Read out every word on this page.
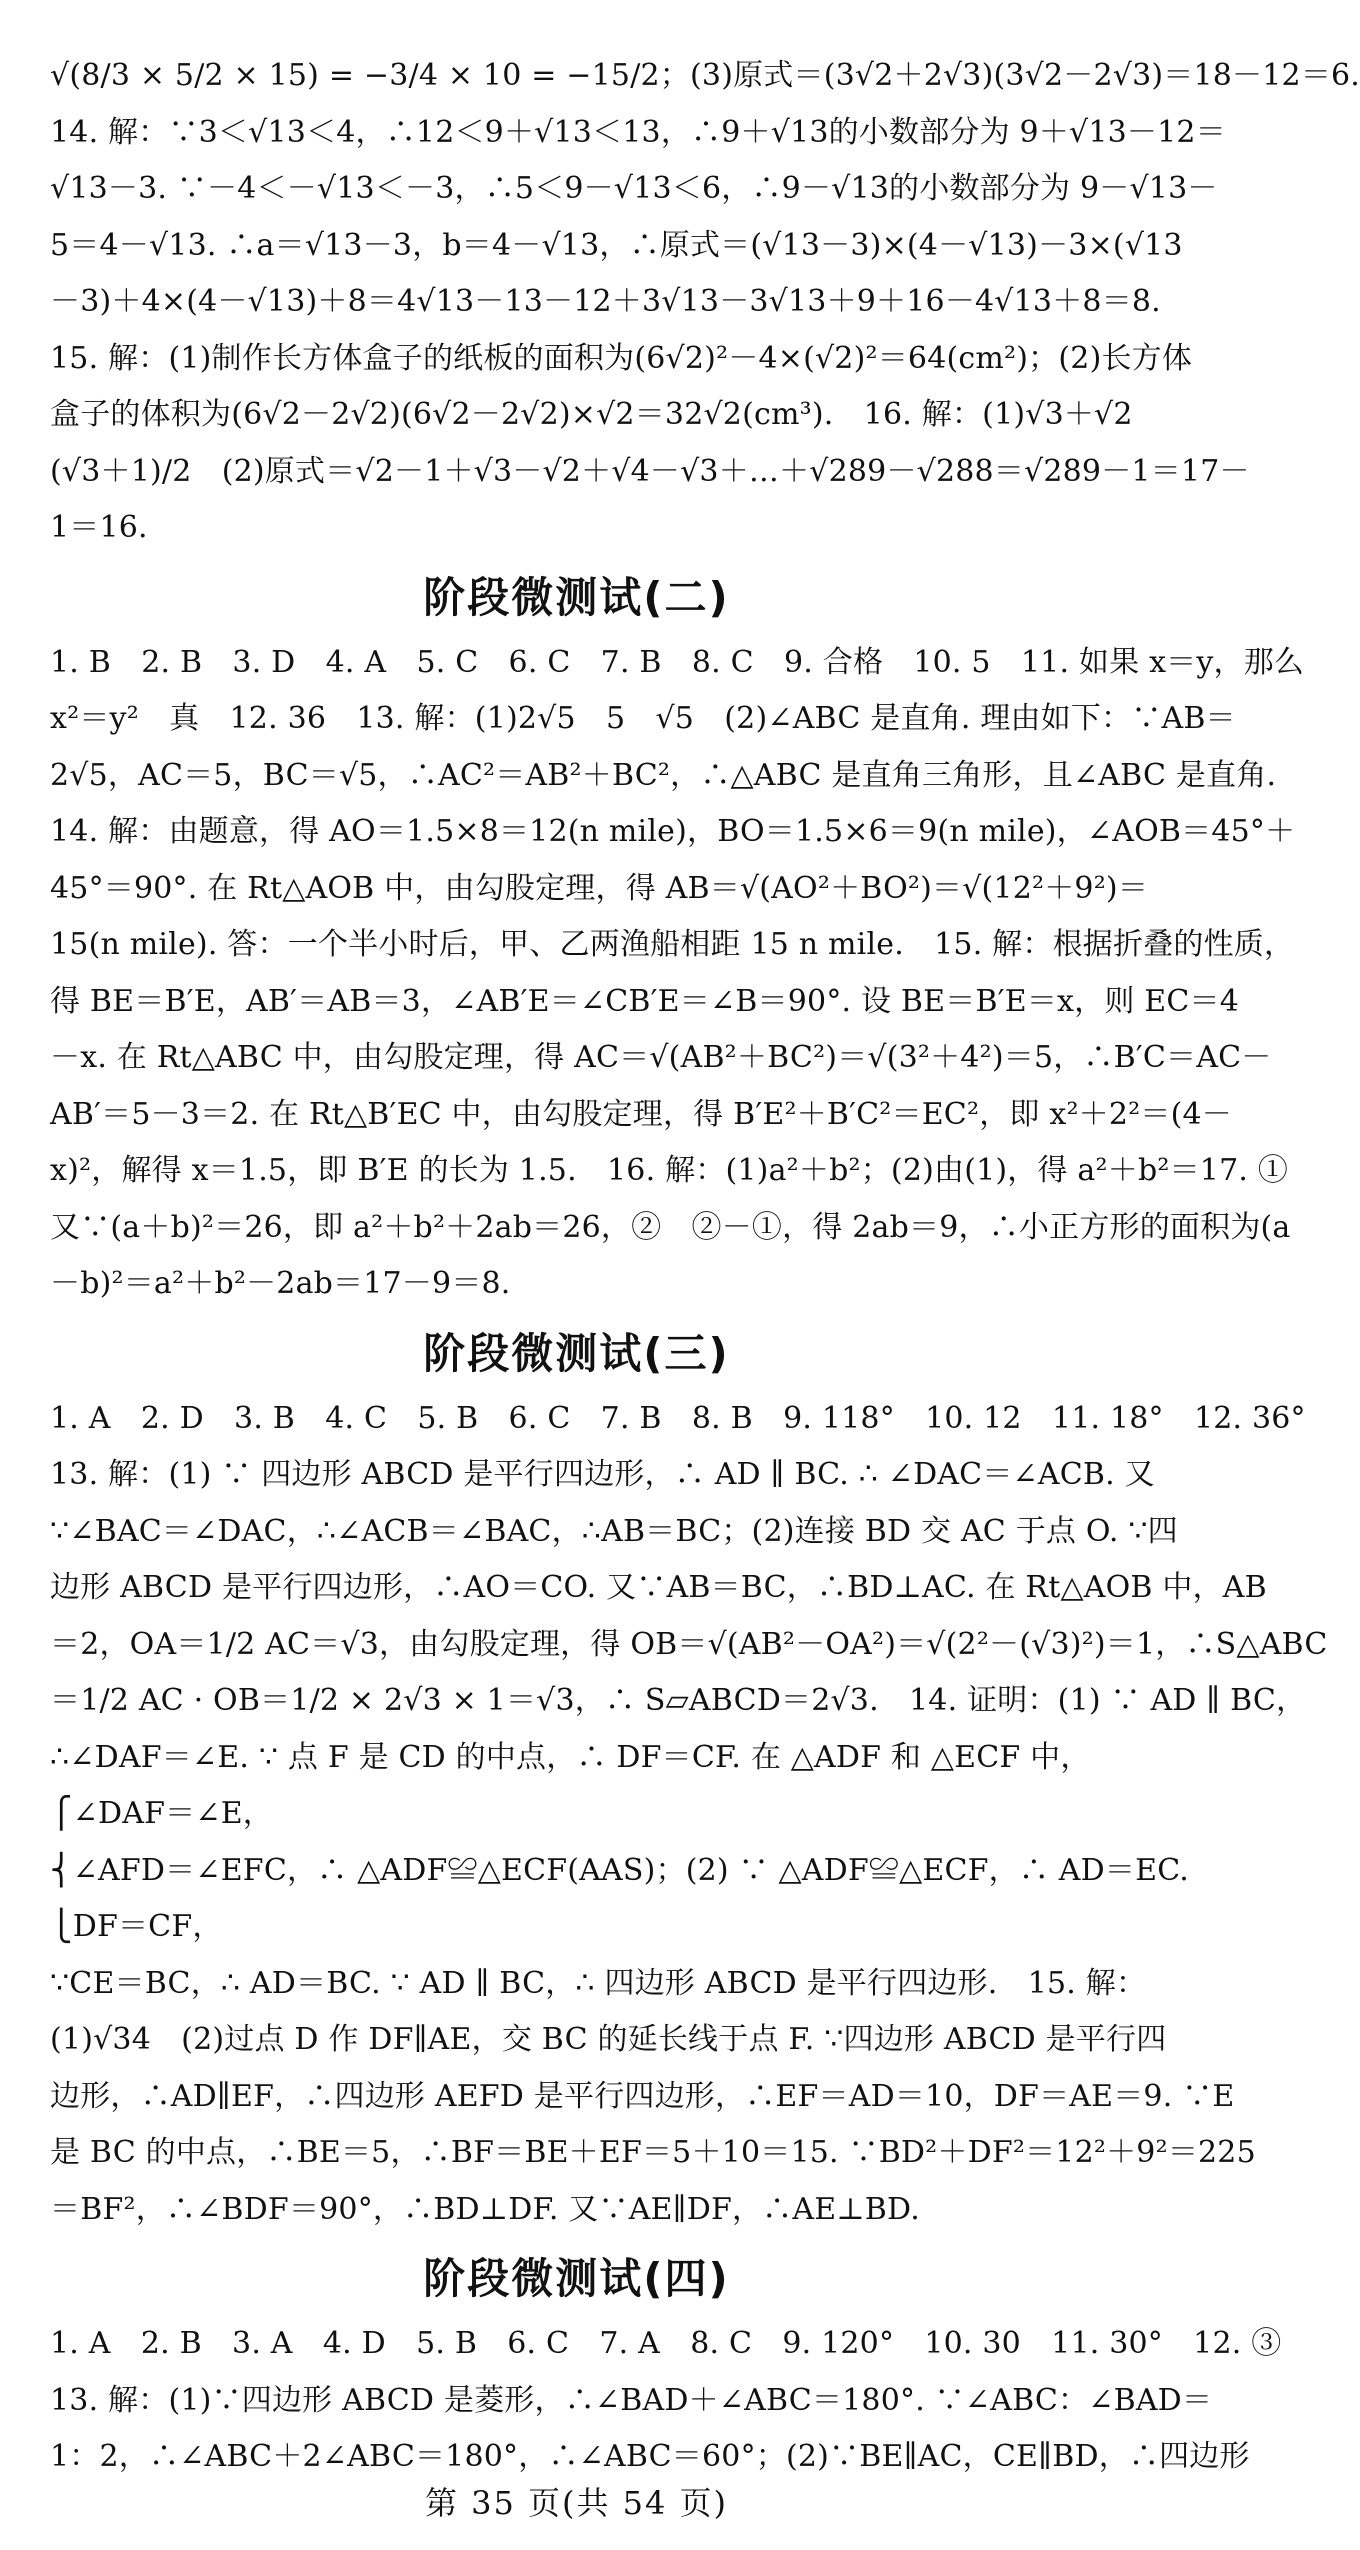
√(8/3 × 5/2 × 15) = −3/4 × 10 = −15/2；(3)原式＝(3√2＋2√3)(3√2－2√3)＝18－12＝6.
14. 解：∵3＜√13＜4，∴12＜9＋√13＜13，∴9＋√13的小数部分为 9＋√13－12＝
√13－3. ∵－4＜－√13＜－3，∴5＜9－√13＜6，∴9－√13的小数部分为 9－√13－
5＝4－√13. ∴a＝√13－3，b＝4－√13，∴原式＝(√13－3)×(4－√13)－3×(√13
－3)＋4×(4－√13)＋8＝4√13－13－12＋3√13－3√13＋9＋16－4√13＋8＝8.
15. 解：(1)制作长方体盒子的纸板的面积为(6√2)²－4×(√2)²＝64(cm²)；(2)长方体
盒子的体积为(6√2－2√2)(6√2－2√2)×√2＝32√2(cm³).　16. 解：(1)√3＋√2
(√3＋1)/2　(2)原式＝√2－1＋√3－√2＋√4－√3＋…＋√289－√288＝√289－1＝17－
1＝16.
阶段微测试(二)
1. B　2. B　3. D　4. A　5. C　6. C　7. B　8. C　9. 合格　10. 5　11. 如果 x＝y，那么
x²＝y²　真　12. 36　13. 解：(1)2√5　5　√5　(2)∠ABC 是直角. 理由如下：∵AB＝
2√5，AC＝5，BC＝√5，∴AC²＝AB²＋BC²，∴△ABC 是直角三角形，且∠ABC 是直角.
14. 解：由题意，得 AO＝1.5×8＝12(n mile)，BO＝1.5×6＝9(n mile)，∠AOB＝45°＋
45°＝90°. 在 Rt△AOB 中，由勾股定理，得 AB＝√(AO²＋BO²)＝√(12²＋9²)＝
15(n mile). 答：一个半小时后，甲、乙两渔船相距 15 n mile.　15. 解：根据折叠的性质，
得 BE＝B′E，AB′＝AB＝3，∠AB′E＝∠CB′E＝∠B＝90°. 设 BE＝B′E＝x，则 EC＝4
－x. 在 Rt△ABC 中，由勾股定理，得 AC＝√(AB²＋BC²)＝√(3²＋4²)＝5，∴B′C＝AC－
AB′＝5－3＝2. 在 Rt△B′EC 中，由勾股定理，得 B′E²＋B′C²＝EC²，即 x²＋2²＝(4－
x)²，解得 x＝1.5，即 B′E 的长为 1.5.　16. 解：(1)a²＋b²；(2)由(1)，得 a²＋b²＝17. ①
又∵(a＋b)²＝26，即 a²＋b²＋2ab＝26，②　②－①，得 2ab＝9，∴小正方形的面积为(a
－b)²＝a²＋b²－2ab＝17－9＝8.
阶段微测试(三)
1. A　2. D　3. B　4. C　5. B　6. C　7. B　8. B　9. 118°　10. 12　11. 18°　12. 36°
13. 解：(1) ∵ 四边形 ABCD 是平行四边形，∴ AD ∥ BC. ∴ ∠DAC＝∠ACB. 又
∵∠BAC＝∠DAC，∴∠ACB＝∠BAC，∴AB＝BC；(2)连接 BD 交 AC 于点 O. ∵四
边形 ABCD 是平行四边形，∴AO＝CO. 又∵AB＝BC，∴BD⊥AC. 在 Rt△AOB 中，AB
＝2，OA＝1/2 AC＝√3，由勾股定理，得 OB＝√(AB²－OA²)＝√(2²－(√3)²)＝1，∴S△ABC
＝1/2 AC · OB＝1/2 × 2√3 × 1＝√3，∴ S▱ABCD＝2√3.　14. 证明：(1) ∵ AD ∥ BC，
∴∠DAF＝∠E. ∵ 点 F 是 CD 的中点，∴ DF＝CF. 在 △ADF 和 △ECF 中，
⎧∠DAF＝∠E，
⎨∠AFD＝∠EFC，∴ △ADF≌△ECF(AAS)；(2) ∵ △ADF≌△ECF，∴ AD＝EC.
⎩DF＝CF，
∵CE＝BC，∴ AD＝BC. ∵ AD ∥ BC，∴ 四边形 ABCD 是平行四边形.　15. 解：
(1)√34　(2)过点 D 作 DF∥AE，交 BC 的延长线于点 F. ∵四边形 ABCD 是平行四
边形，∴AD∥EF，∴四边形 AEFD 是平行四边形，∴EF＝AD＝10，DF＝AE＝9. ∵E
是 BC 的中点，∴BE＝5，∴BF＝BE＋EF＝5＋10＝15. ∵BD²＋DF²＝12²＋9²＝225
＝BF²，∴∠BDF＝90°，∴BD⊥DF. 又∵AE∥DF，∴AE⊥BD.
阶段微测试(四)
1. A　2. B　3. A　4. D　5. B　6. C　7. A　8. C　9. 120°　10. 30　11. 30°　12. ③
13. 解：(1)∵四边形 ABCD 是菱形，∴∠BAD＋∠ABC＝180°. ∵∠ABC：∠BAD＝
1：2，∴∠ABC＋2∠ABC＝180°，∴∠ABC＝60°；(2)∵BE∥AC，CE∥BD，∴四边形
第 35 页(共 54 页)
